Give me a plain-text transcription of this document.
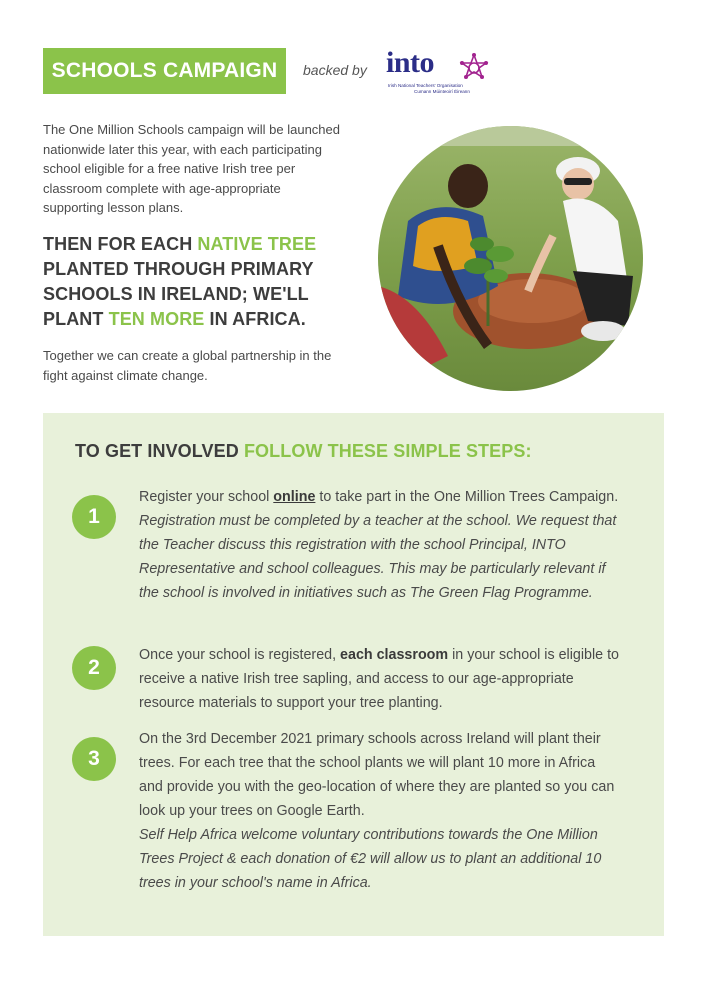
SCHOOLS CAMPAIGN backed by into
Irish National Teachers' Organisation
Cumann Múinteoirí Éireann
The One Million Schools campaign will be launched nationwide later this year, with each participating school eligible for a free native Irish tree per classroom complete with age-appropriate supporting lesson plans.
THEN FOR EACH NATIVE TREE PLANTED THROUGH PRIMARY SCHOOLS IN IRELAND; WE'LL PLANT TEN MORE IN AFRICA.
Together we can create a global partnership in the fight against climate change.
TO GET INVOLVED FOLLOW THESE SIMPLE STEPS:
1
Register your school online to take part in the One Million Trees Campaign. Registration must be completed by a teacher at the school. We request that the Teacher discuss this registration with the school Principal, INTO Representative and school colleagues. This may be particularly relevant if the school is involved in initiatives such as The Green Flag Programme.
2
Once your school is registered, each classroom in your school is eligible to receive a native Irish tree sapling, and access to our age-appropriate resource materials to support your tree planting.
3
On the 3rd December 2021 primary schools across Ireland will plant their trees. For each tree that the school plants we will plant 10 more in Africa and provide you with the geo-location of where they are planted so you can look up your trees on Google Earth.
Self Help Africa welcome voluntary contributions towards the One Million Trees Project & each donation of €2 will allow us to plant an additional 10 trees in your school's name in Africa.
